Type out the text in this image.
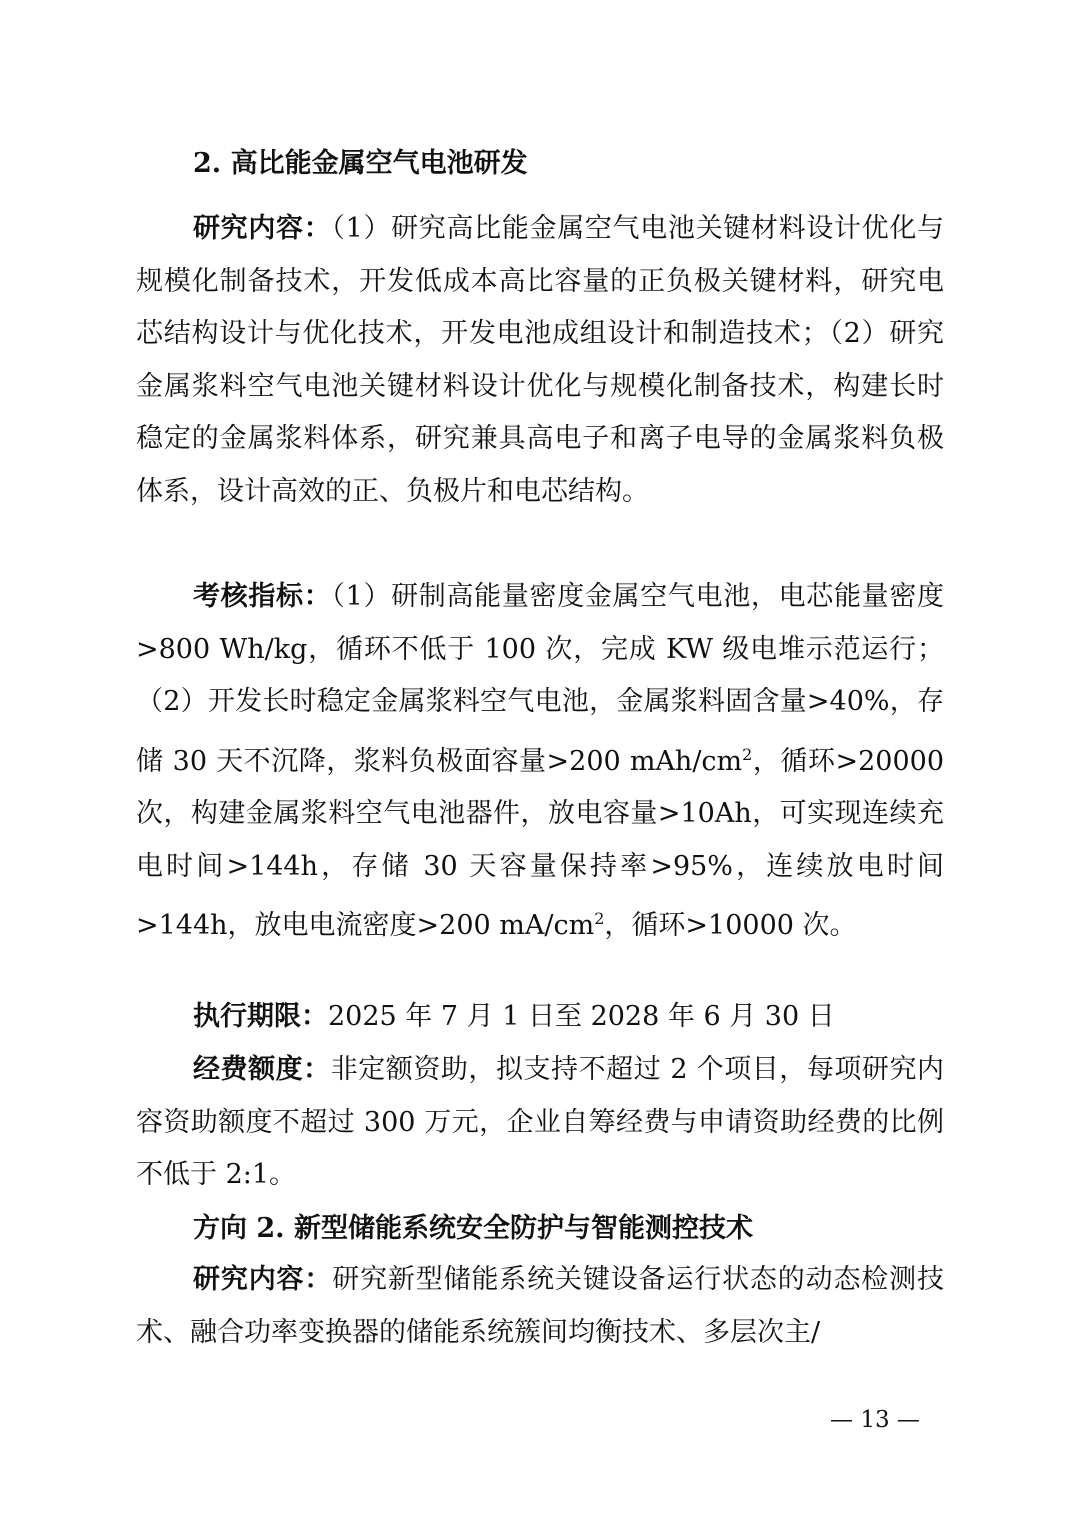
2. 高比能金属空气电池研发

研究内容：（1）研究高比能金属空气电池关键材料设计优化与规模化制备技术，开发低成本高比容量的正负极关键材料，研究电芯结构设计与优化技术，开发电池成组设计和制造技术；（2）研究金属浆料空气电池关键材料设计优化与规模化制备技术，构建长时稳定的金属浆料体系，研究兼具高电子和离子电导的金属浆料负极体系，设计高效的正、负极片和电芯结构。

考核指标：（1）研制高能量密度金属空气电池，电芯能量密度>800 Wh/kg，循环不低于 100 次，完成 KW 级电堆示范运行；（2）开发长时稳定金属浆料空气电池，金属浆料固含量>40%，存储 30 天不沉降，浆料负极面容量>200 mAh/$cm^2$，循环>20000 次，构建金属浆料空气电池器件，放电容量>10Ah，可实现连续充电时间>144h，存储 30 天容量保持率>95%，连续放电时间>144h，放电电流密度>200 $mA/cm^2$，循环>10000 次。

执行期限：2025 年 7 月 1 日至 2028 年 6 月 30 日

经费额度：非定额资助，拟支持不超过 2 个项目，每项研究内容资助额度不超过 300 万元，企业自筹经费与申请资助经费的比例不低于 2:1。

方向 2. 新型储能系统安全防护与智能测控技术

研究内容：研究新型储能系统关键设备运行状态的动态检测技术、融合功率变换器的储能系统簇间均衡技术、多层次主/

— 13 —
